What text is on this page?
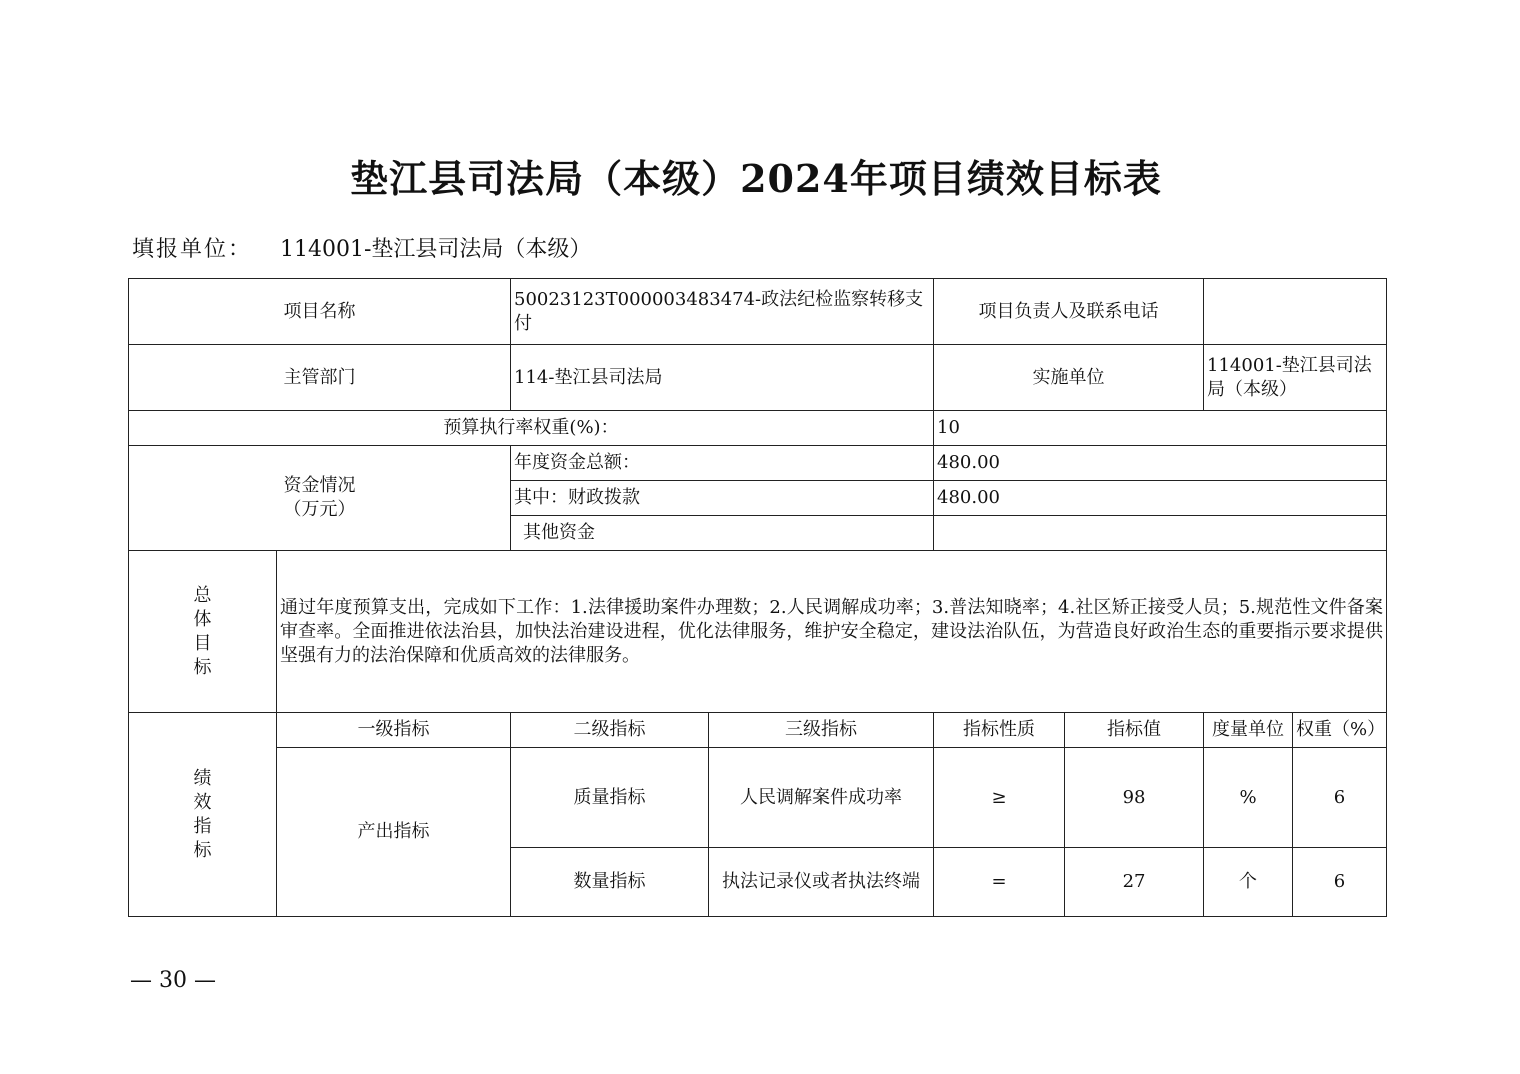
垫江县司法局（本级）2024年项目绩效目标表
填报单位： 114001-垫江县司法局（本级）
项目名称		50023123T000003483474-政法纪检监察转移支付		项目负责人及联系电话			
主管部门		114-垫江县司法局		实施单位		114001-垫江县司法局（本级）	
预算执行率权重(%)：				10			

资金情况
（万元）		年度资金总额：		480.00			
		其中：财政拨款		480.00			
		其他资金					

总
体
目
标	通过年度预算支出，完成如下工作：1.法律援助案件办理数；2.人民调解成功率；3.普法知晓率；4.社区矫正接受人员；5.规范性文件备案审查率。全面推进依法治县，加快法治建设进程，优化法律服务，维护安全稳定，建设法治队伍，为营造良好政治生态的重要指示要求提供坚强有力的法治保障和优质高效的法律服务。						

绩
效
指
标	一级指标	二级指标	三级指标	指标性质	指标值	度量单位	权重（%）
	产出指标	质量指标	人民调解案件成功率	≥	98	%	6
		数量指标	执法记录仪或者执法终端	=	27	个	6
— 30 —
